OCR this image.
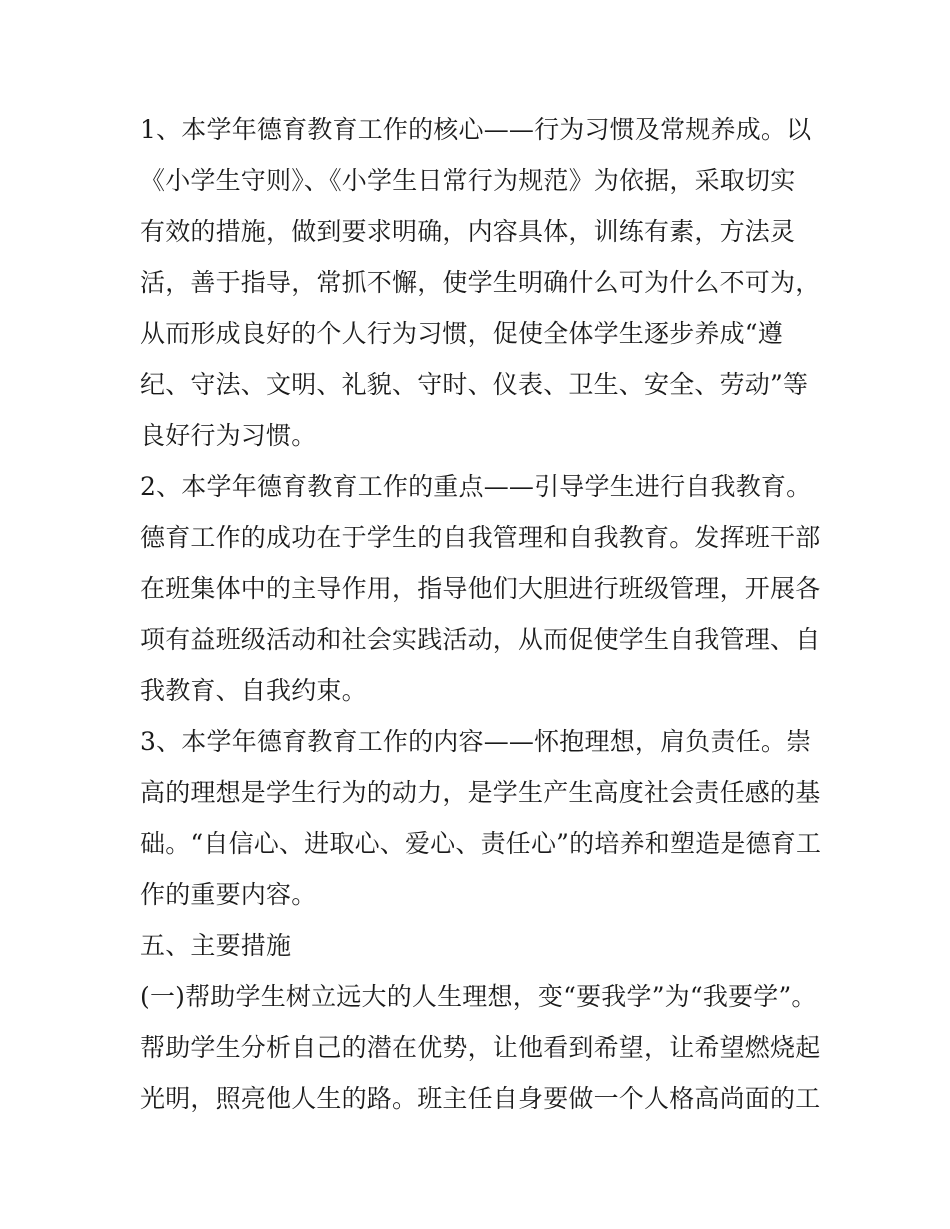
1、本学年德育教育工作的核心——行为习惯及常规养成。以
《小学生守则》、《小学生日常行为规范》为依据，采取切实
有效的措施，做到要求明确，内容具体，训练有素，方法灵
活，善于指导，常抓不懈，使学生明确什么可为什么不可为，
从而形成良好的个人行为习惯，促使全体学生逐步养成“遵
纪、守法、文明、礼貌、守时、仪表、卫生、安全、劳动”等
良好行为习惯。
2、本学年德育教育工作的重点——引导学生进行自我教育。
德育工作的成功在于学生的自我管理和自我教育。发挥班干部
在班集体中的主导作用，指导他们大胆进行班级管理，开展各
项有益班级活动和社会实践活动，从而促使学生自我管理、自
我教育、自我约束。
3、本学年德育教育工作的内容——怀抱理想，肩负责任。崇
高的理想是学生行为的动力，是学生产生高度社会责任感的基
础。“自信心、进取心、爱心、责任心”的培养和塑造是德育工
作的重要内容。
五、主要措施
(一)帮助学生树立远大的人生理想，变“要我学”为“我要学”。
帮助学生分析自己的潜在优势，让他看到希望，让希望燃烧起
光明，照亮他人生的路。班主任自身要做一个人格高尚面的工
